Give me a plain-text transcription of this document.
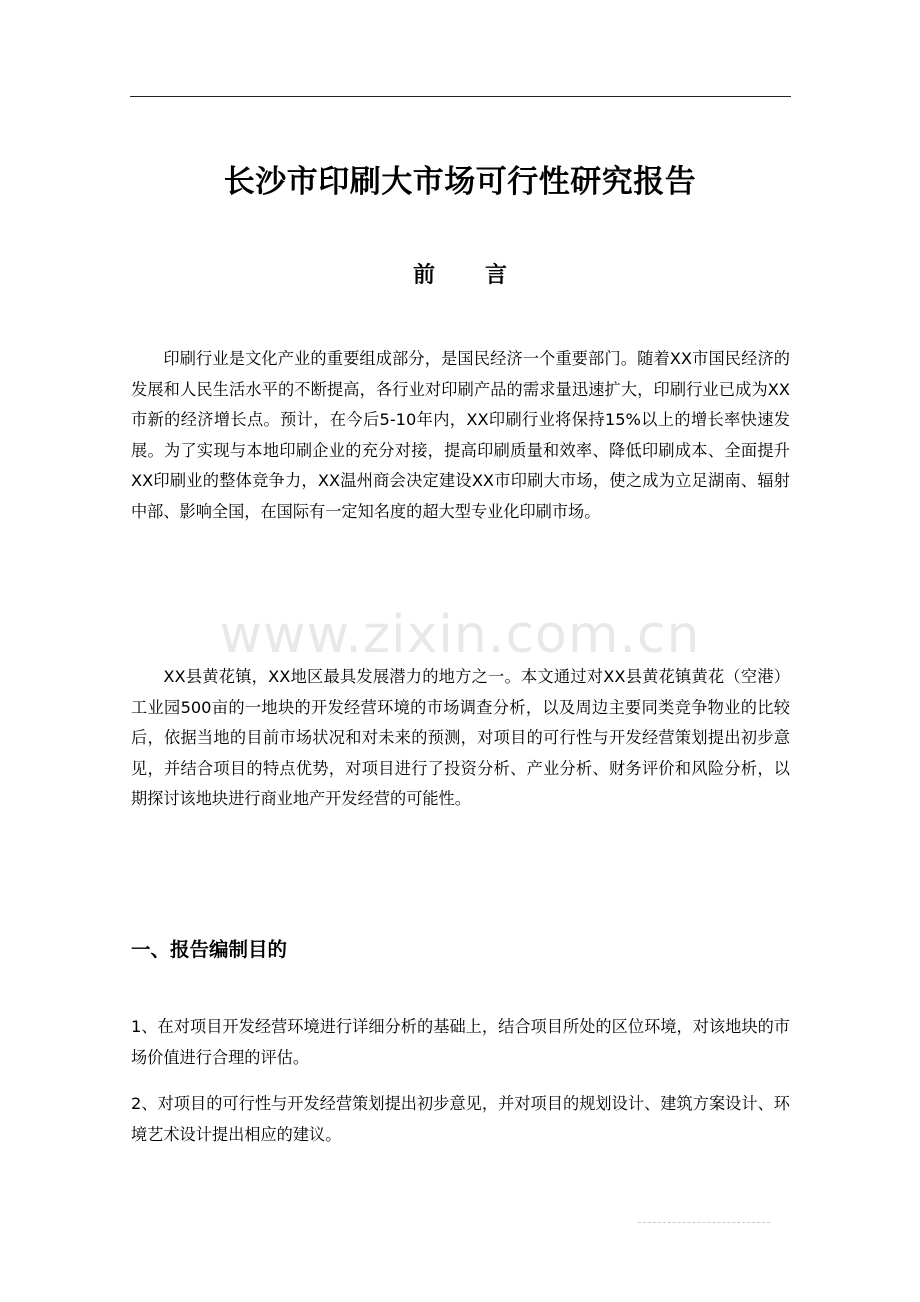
长沙市印刷大市场可行性研究报告
前言

印刷行业是文化产业的重要组成部分，是国民经济一个重要部门。随着XX市国民经济的发展和人民生活水平的不断提高，各行业对印刷产品的需求量迅速扩大，印刷行业已成为XX市新的经济增长点。预计，在今后5-10年内，XX印刷行业将保持15%以上的增长率快速发展。为了实现与本地印刷企业的充分对接，提高印刷质量和效率、降低印刷成本、全面提升XX印刷业的整体竞争力，XX温州商会决定建设XX市印刷大市场，使之成为立足湖南、辐射中部、影响全国，在国际有一定知名度的超大型专业化印刷市场。

www.zixin.com.cn

XX县黄花镇，XX地区最具发展潜力的地方之一。本文通过对XX县黄花镇黄花（空港）工业园500亩的一地块的开发经营环境的市场调查分析，以及周边主要同类竞争物业的比较后，依据当地的目前市场状况和对未来的预测，对项目的可行性与开发经营策划提出初步意见，并结合项目的特点优势，对项目进行了投资分析、产业分析、财务评价和风险分析，以期探讨该地块进行商业地产开发经营的可能性。

一、报告编制目的

1、在对项目开发经营环境进行详细分析的基础上，结合项目所处的区位环境，对该地块的市场价值进行合理的评估。

2、对项目的可行性与开发经营策划提出初步意见，并对项目的规划设计、建筑方案设计、环境艺术设计提出相应的建议。
